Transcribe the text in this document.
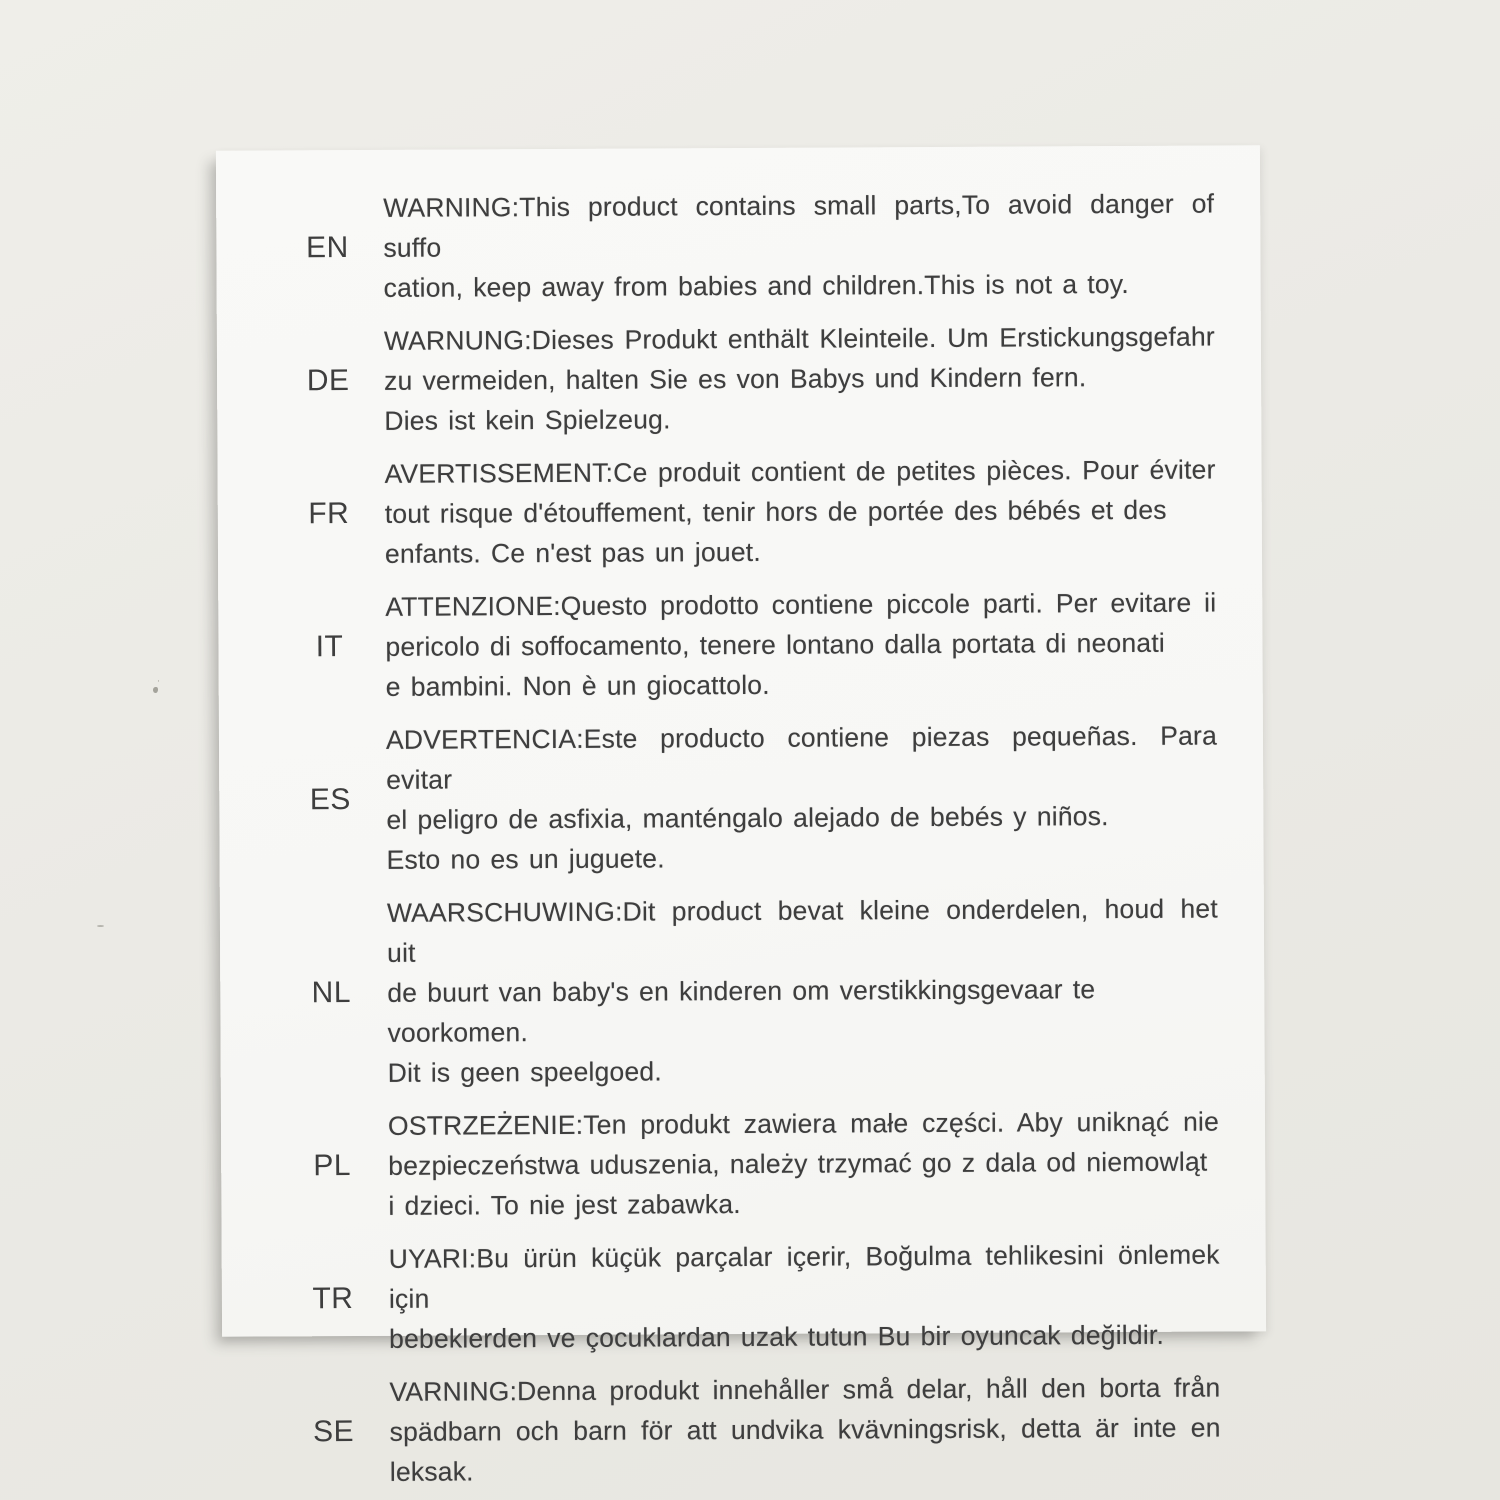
EN
WARNING:This product contains small parts,To avoid danger of suffo
cation, keep away from babies and children.This is not a toy.
DE
WARNUNG:Dieses Produkt enthält Kleinteile. Um Erstickungsgefahr
zu vermeiden, halten Sie es von Babys und Kindern fern.
Dies ist kein Spielzeug.
FR
AVERTISSEMENT:Ce produit contient de petites pièces. Pour éviter
tout risque d'étouffement, tenir hors de portée des bébés et des
enfants. Ce n'est pas un jouet.
IT
ATTENZIONE:Questo prodotto contiene piccole parti. Per evitare ii
pericolo di soffocamento, tenere lontano dalla portata di neonati
e bambini. Non è un giocattolo.
ES
ADVERTENCIA:Este producto contiene piezas pequeñas. Para evitar
el peligro de asfixia, manténgalo alejado de bebés y niños.
Esto no es un juguete.
NL
WAARSCHUWING:Dit product bevat kleine onderdelen, houd het uit
de buurt van baby's en kinderen om verstikkingsgevaar te voorkomen.
Dit is geen speelgoed.
PL
OSTRZEŻENIE:Ten produkt zawiera małe części. Aby uniknąć nie
bezpieczeństwa uduszenia, należy trzymać go z dala od niemowląt
i dzieci. To nie jest zabawka.
TR
UYARI:Bu ürün küçük parçalar içerir, Boğulma tehlikesini önlemek için
bebeklerden ve çocuklardan uzak tutun Bu bir oyuncak değildir.
SE
VARNING:Denna produkt innehåller små delar, håll den borta från
spädbarn och barn för att undvika kvävningsrisk, detta är inte en
leksak.
